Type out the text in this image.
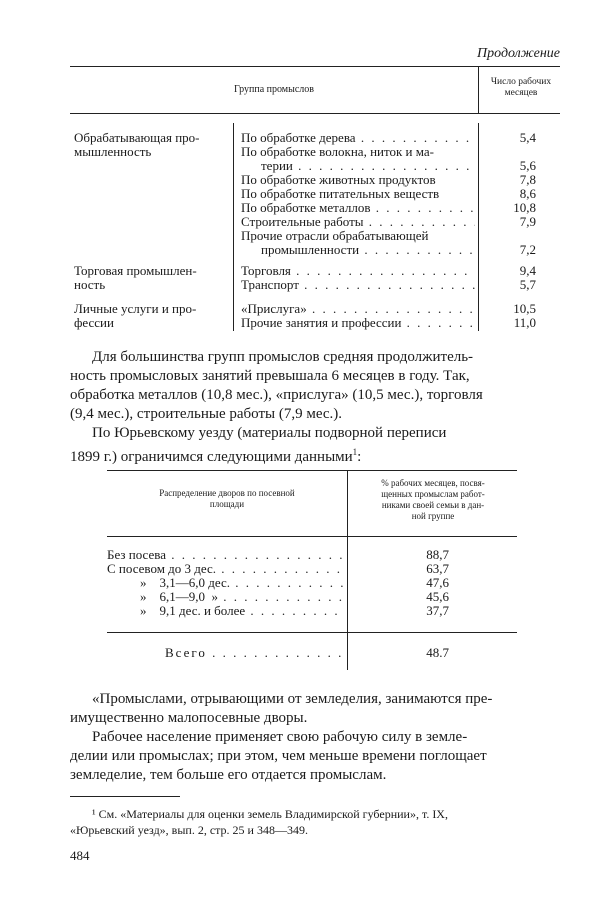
Продолжение
Группа промыслов
Число рабочих месяцев
Обрабатывающая про-
мышленность
По обработке дерева . . .	5,4
По обработке волокна, ниток и ма-
терии . . .	5,6
По обработке животных продуктов	7,8
По обработке питательных веществ	8,6
По обработке металлов . . .	10,8
Строительные работы . . .	7,9
Прочие отрасли обрабатывающей
промышленности . . .	7,2
Торговая промышлен-
ность
Торговля . . .	9,4
Транспорт . . .	5,7
Личные услуги и про-
фессии
«Прислуга» . . .	10,5
Прочие занятия и профессии . . .	11,0
Для большинства групп промыслов средняя продолжитель-
ность промысловых занятий превышала 6 месяцев в году. Так,
обработка металлов (10,8 мес.), «прислуга» (10,5 мес.), торговля
(9,4 мес.), строительные работы (7,9 мес.).
По Юрьевскому уезду (материалы подворной переписи
1899 г.) ограничимся следующими данными$^1$:
Распределение дворов по посевной
площади
% рабочих месяцев, посвя-
щенных промыслам работ-
никами своей семьи в дан-
ной группе
Без посева . . .	88,7
С посевом до 3 дес. . . .	63,7
»    3,1—6,0 дес. . . .	47,6
»    6,1—9,0  » . . .	45,6
»    9,1 дес. и более . . .	37,7
Всего . . .	48.7
«Промыслами, отрывающими от земледелия, занимаются пре-
имущественно малопосевные дворы.
Рабочее население применяет свою рабочую силу в земле-
делии или промыслах; при этом, чем меньше времени поглощает
земледелие, тем больше его отдается промыслам.
¹ См. «Материалы для оценки земель Владимирской губернии», т. IX,
«Юрьевский уезд», вып. 2, стр. 25 и 348—349.
484
